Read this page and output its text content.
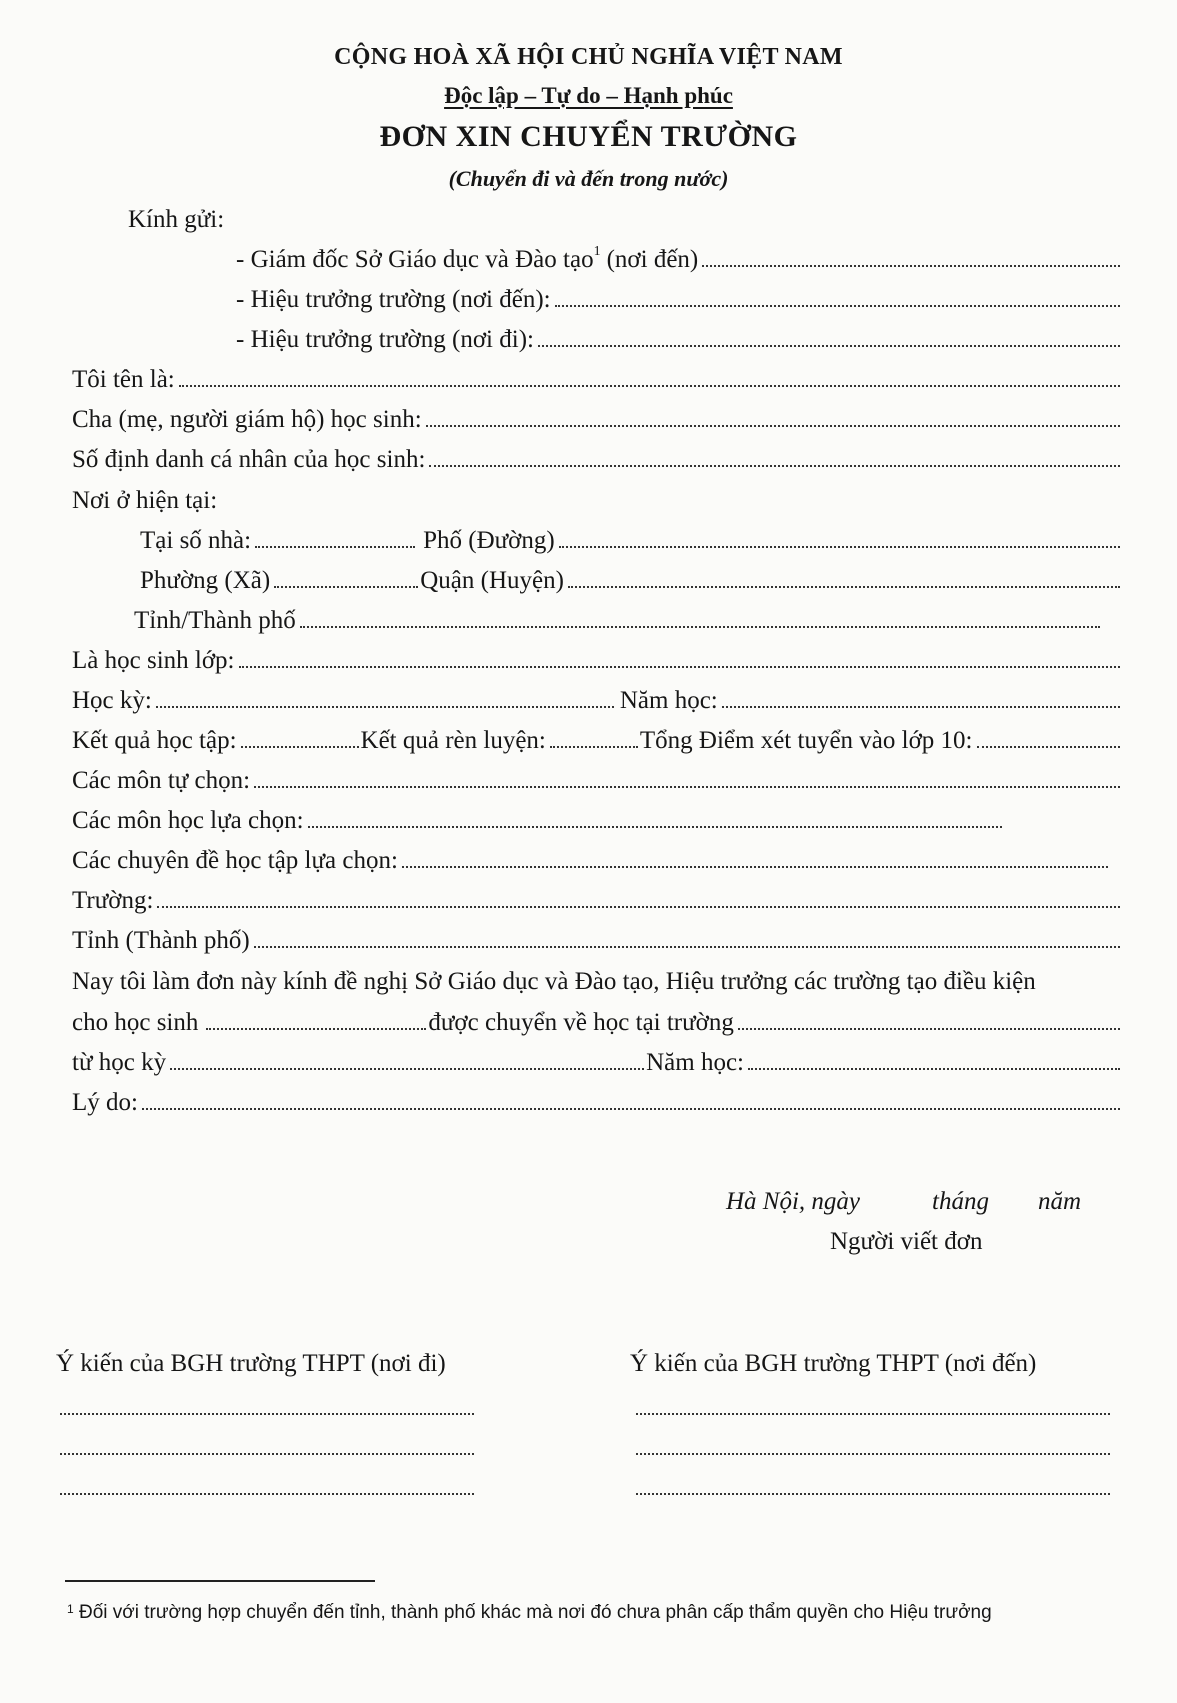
CỘNG HOÀ XÃ HỘI CHỦ NGHĨA VIỆT NAM
Độc lập – Tự do – Hạnh phúc
ĐƠN XIN CHUYỂN TRƯỜNG
(Chuyển đi và đến trong nước)
Kính gửi:
- Giám đốc Sở Giáo dục và Đào tạo $^1$ (nơi đến)
- Hiệu trưởng trường (nơi đến):
- Hiệu trưởng trường (nơi đi):
Tôi tên là:
Cha (mẹ, người giám hộ) học sinh:
Số định danh cá nhân của học sinh:
Nơi ở hiện tại:
Tại số nhà:	Phố (Đường)
Phường (Xã)	Quận (Huyện)
Tỉnh/Thành phố
Là học sinh lớp:
Học kỳ:	Năm học:
Kết quả học tập:	Kết quả rèn luyện:	Tổng Điểm xét tuyển vào lớp 10:
Các môn tự chọn:
Các môn học lựa chọn:
Các chuyên đề học tập lựa chọn:
Trường:
Tỉnh (Thành phố)
Nay tôi làm đơn này kính đề nghị Sở Giáo dục và Đào tạo, Hiệu trưởng các trường tạo điều kiện
cho học sinh	được chuyển về học tại trường
từ học kỳ	Năm học:
Lý do:
Hà Nội, ngày	tháng năm
Người viết đơn
Ý kiến của BGH trường THPT (nơi đi)	Ý kiến của BGH trường THPT (nơi đến)
$^1$ Đối với trường hợp chuyển đến tỉnh, thành phố khác mà nơi đó chưa phân cấp thẩm quyền cho Hiệu trưởng
